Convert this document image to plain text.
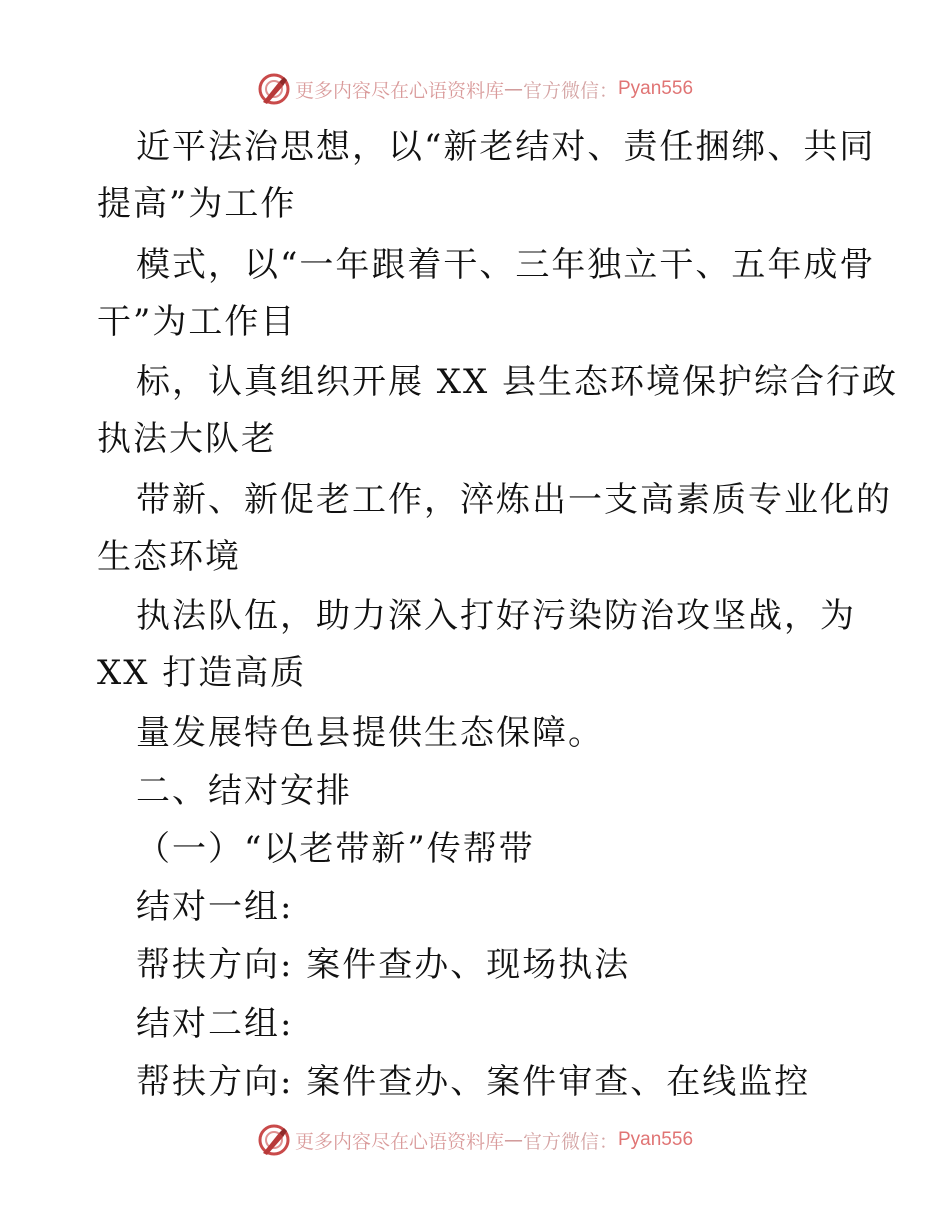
更多内容尽在心语资料库 — 官方微信： Pyan556
近平法治思想，以“新老结对、责任捆绑、共同
提高”为工作
模式，以“一年跟着干、三年独立干、五年成骨
干”为工作目
标，认真组织开展 XX 县生态环境保护综合行政
执法大队老
带新、新促老工作，淬炼出一支高素质专业化的
生态环境
执法队伍，助力深入打好污染防治攻坚战，为
XX 打造高质
量发展特色县提供生态保障。
二、结对安排
（一）“以老带新”传帮带
结对一组:
帮扶方向: 案件查办、现场执法
结对二组:
帮扶方向: 案件查办、案件审查、在线监控
更多内容尽在心语资料库 — 官方微信： Pyan556
